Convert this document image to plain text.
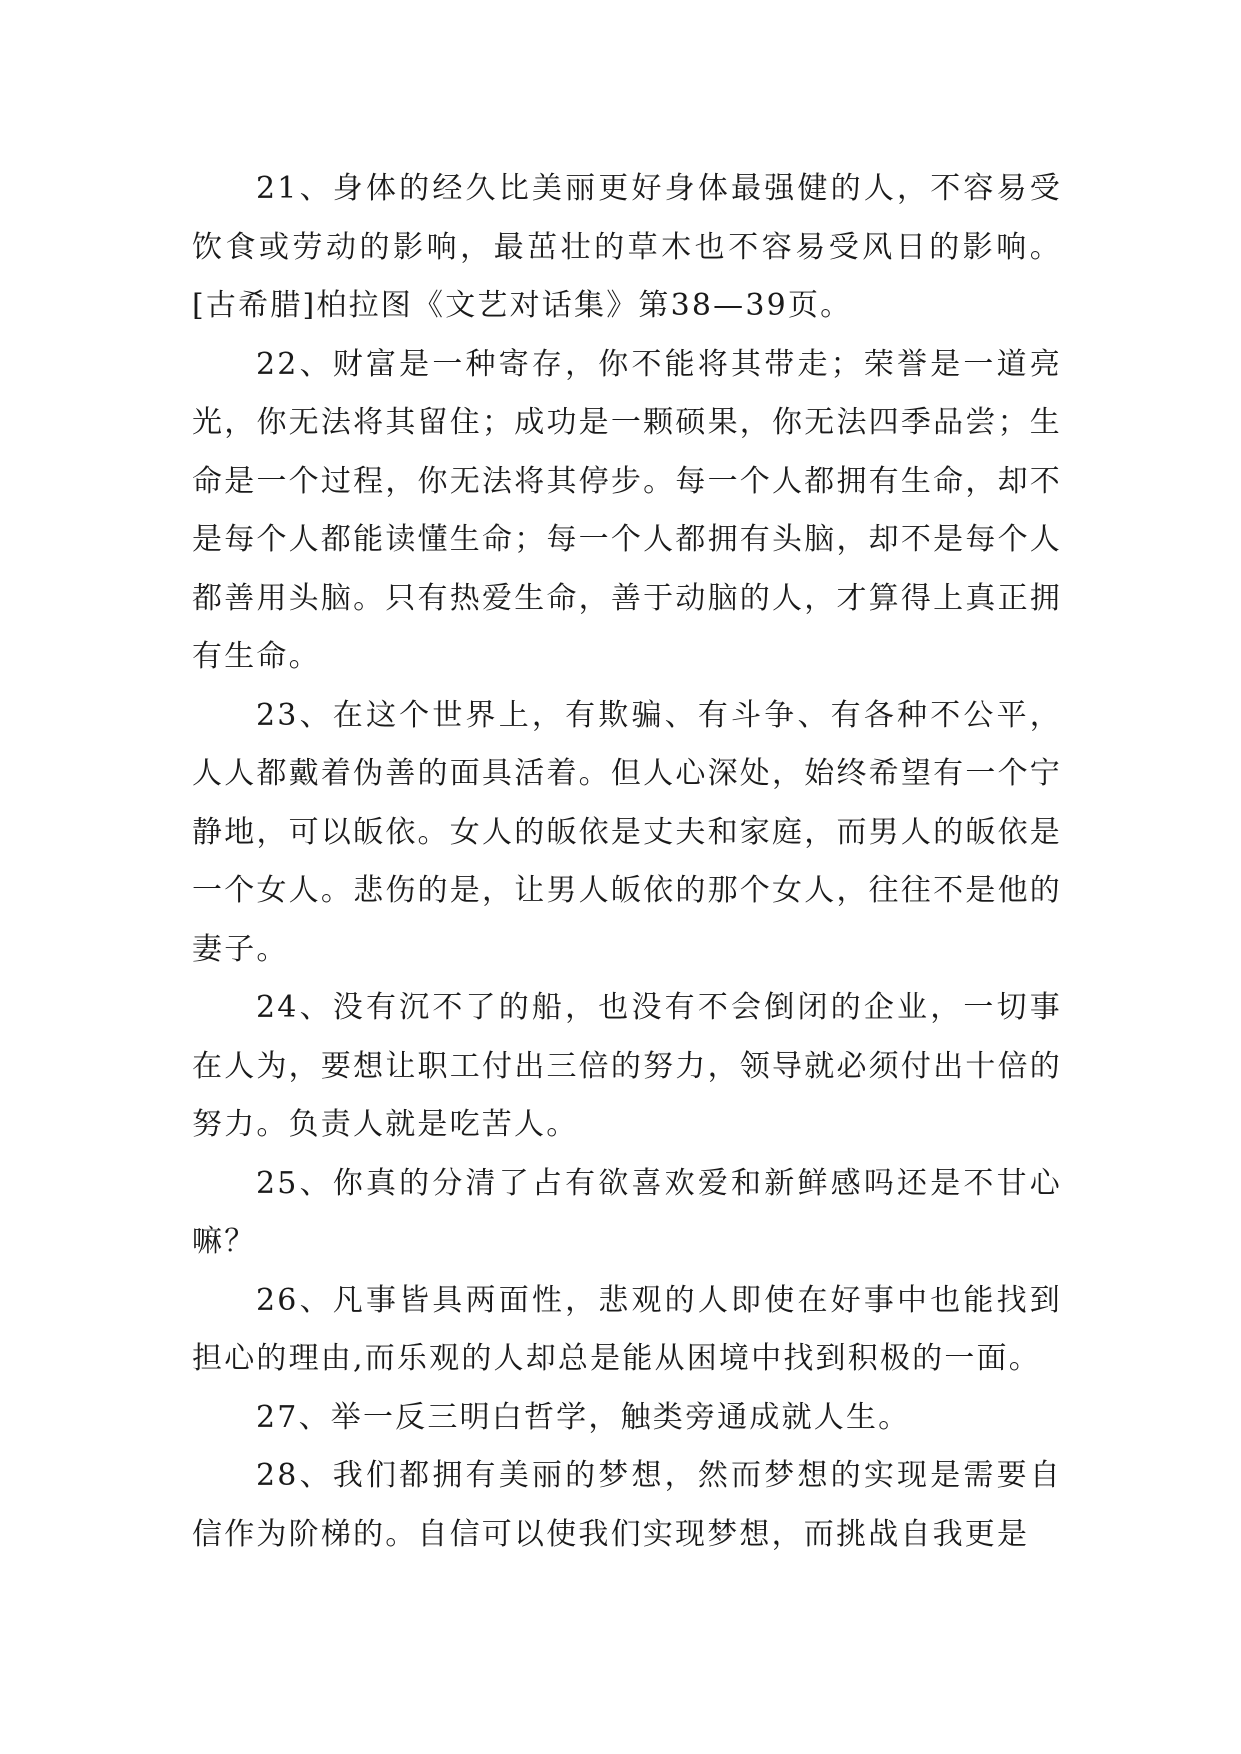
21、身体的经久比美丽更好身体最强健的人，不容易受饮食或劳动的影响，最茁壮的草木也不容易受风日的影响。[古希腊]柏拉图《文艺对话集》第38—39页。

22、财富是一种寄存，你不能将其带走；荣誉是一道亮光，你无法将其留住；成功是一颗硕果，你无法四季品尝；生命是一个过程，你无法将其停步。每一个人都拥有生命，却不是每个人都能读懂生命；每一个人都拥有头脑，却不是每个人都善用头脑。只有热爱生命，善于动脑的人，才算得上真正拥有生命。

23、在这个世界上，有欺骗、有斗争、有各种不公平，人人都戴着伪善的面具活着。但人心深处，始终希望有一个宁静地，可以皈依。女人的皈依是丈夫和家庭，而男人的皈依是一个女人。悲伤的是，让男人皈依的那个女人，往往不是他的妻子。

24、没有沉不了的船，也没有不会倒闭的企业，一切事在人为，要想让职工付出三倍的努力，领导就必须付出十倍的努力。负责人就是吃苦人。

25、你真的分清了占有欲喜欢爱和新鲜感吗还是不甘心嘛？

26、凡事皆具两面性，悲观的人即使在好事中也能找到担心的理由,而乐观的人却总是能从困境中找到积极的一面。

27、举一反三明白哲学，触类旁通成就人生。

28、我们都拥有美丽的梦想，然而梦想的实现是需要自信作为阶梯的。自信可以使我们实现梦想，而挑战自我更是
